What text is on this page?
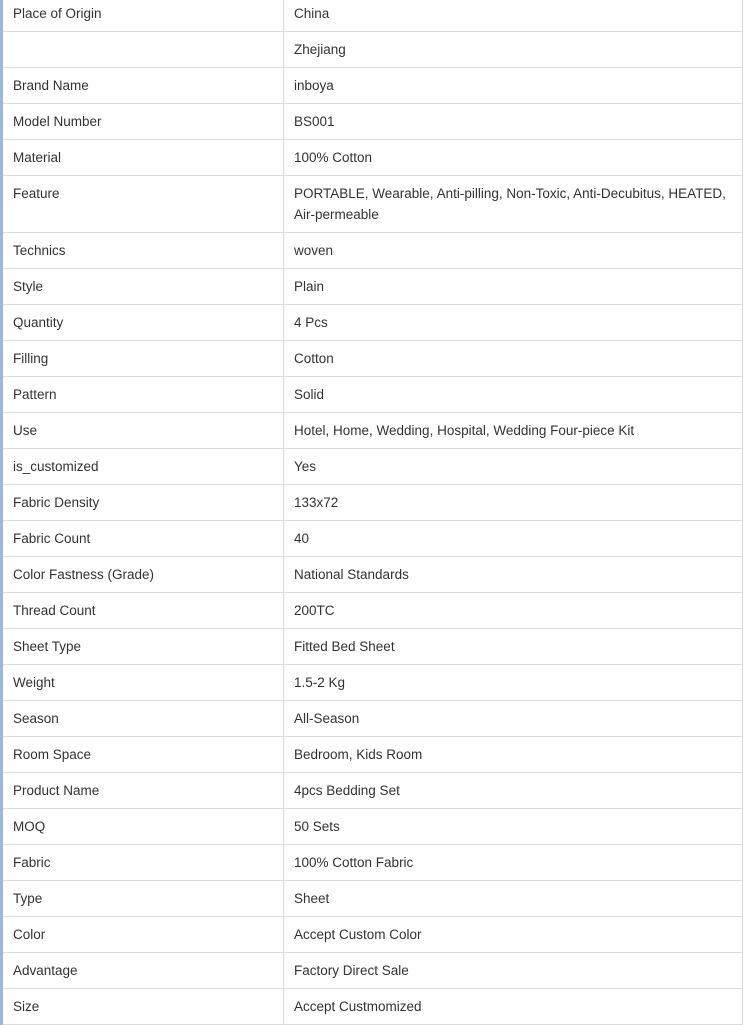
Place of Origin	China
	Zhejiang
Brand Name	inboya
Model Number	BS001
Material	100% Cotton
Feature	PORTABLE, Wearable, Anti-pilling, Non-Toxic, Anti-Decubitus, HEATED, Air-permeable
Technics	woven
Style	Plain
Quantity	4 Pcs
Filling	Cotton
Pattern	Solid
Use	Hotel, Home, Wedding, Hospital, Wedding Four-piece Kit
is_customized	Yes
Fabric Density	133x72
Fabric Count	40
Color Fastness (Grade)	National Standards
Thread Count	200TC
Sheet Type	Fitted Bed Sheet
Weight	1.5-2 Kg
Season	All-Season
Room Space	Bedroom, Kids Room
Product Name	4pcs Bedding Set
MOQ	50 Sets
Fabric	100% Cotton Fabric
Type	Sheet
Color	Accept Custom Color
Advantage	Factory Direct Sale
Size	Accept Custmomized
